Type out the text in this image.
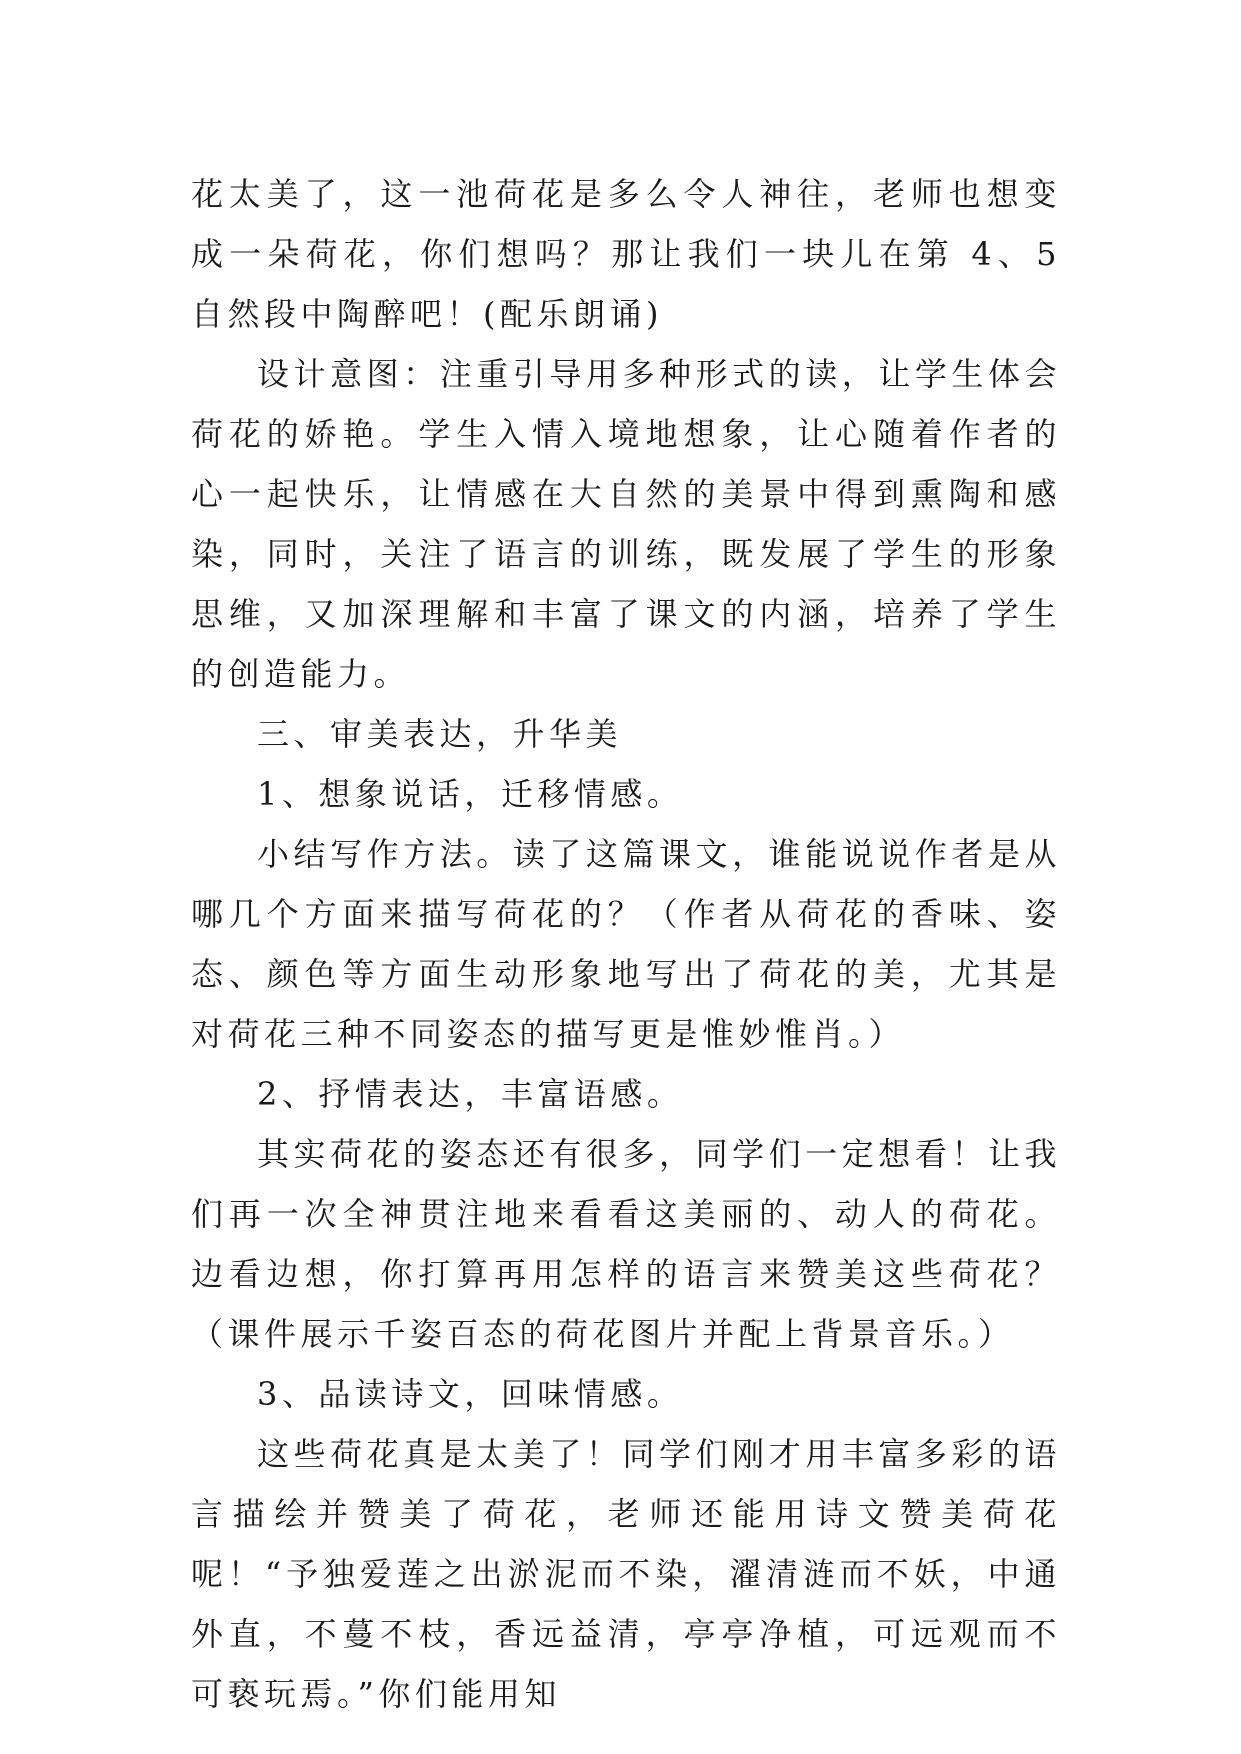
花太美了，这一池荷花是多么令人神往，老师也想变成一朵荷花，你们想吗？那让我们一块儿在第 4、5 自然段中陶醉吧！(配乐朗诵)

设计意图：注重引导用多种形式的读，让学生体会荷花的娇艳。学生入情入境地想象，让心随着作者的心一起快乐，让情感在大自然的美景中得到熏陶和感染，同时，关注了语言的训练，既发展了学生的形象思维，又加深理解和丰富了课文的内涵，培养了学生的创造能力。

三、审美表达，升华美

1、想象说话，迁移情感。

小结写作方法。读了这篇课文，谁能说说作者是从哪几个方面来描写荷花的？（作者从荷花的香味、姿态、颜色等方面生动形象地写出了荷花的美，尤其是对荷花三种不同姿态的描写更是惟妙惟肖。）

2、抒情表达，丰富语感。

其实荷花的姿态还有很多，同学们一定想看！让我们再一次全神贯注地来看看这美丽的、动人的荷花。边看边想，你打算再用怎样的语言来赞美这些荷花？（课件展示千姿百态的荷花图片并配上背景音乐。）

3、品读诗文，回味情感。

这些荷花真是太美了！同学们刚才用丰富多彩的语言描绘并赞美了荷花，老师还能用诗文赞美荷花呢！“予独爱莲之出淤泥而不染，濯清涟而不妖，中通外直，不蔓不枝，香远益清，亭亭净植，可远观而不可亵玩焉。”你们能用知
